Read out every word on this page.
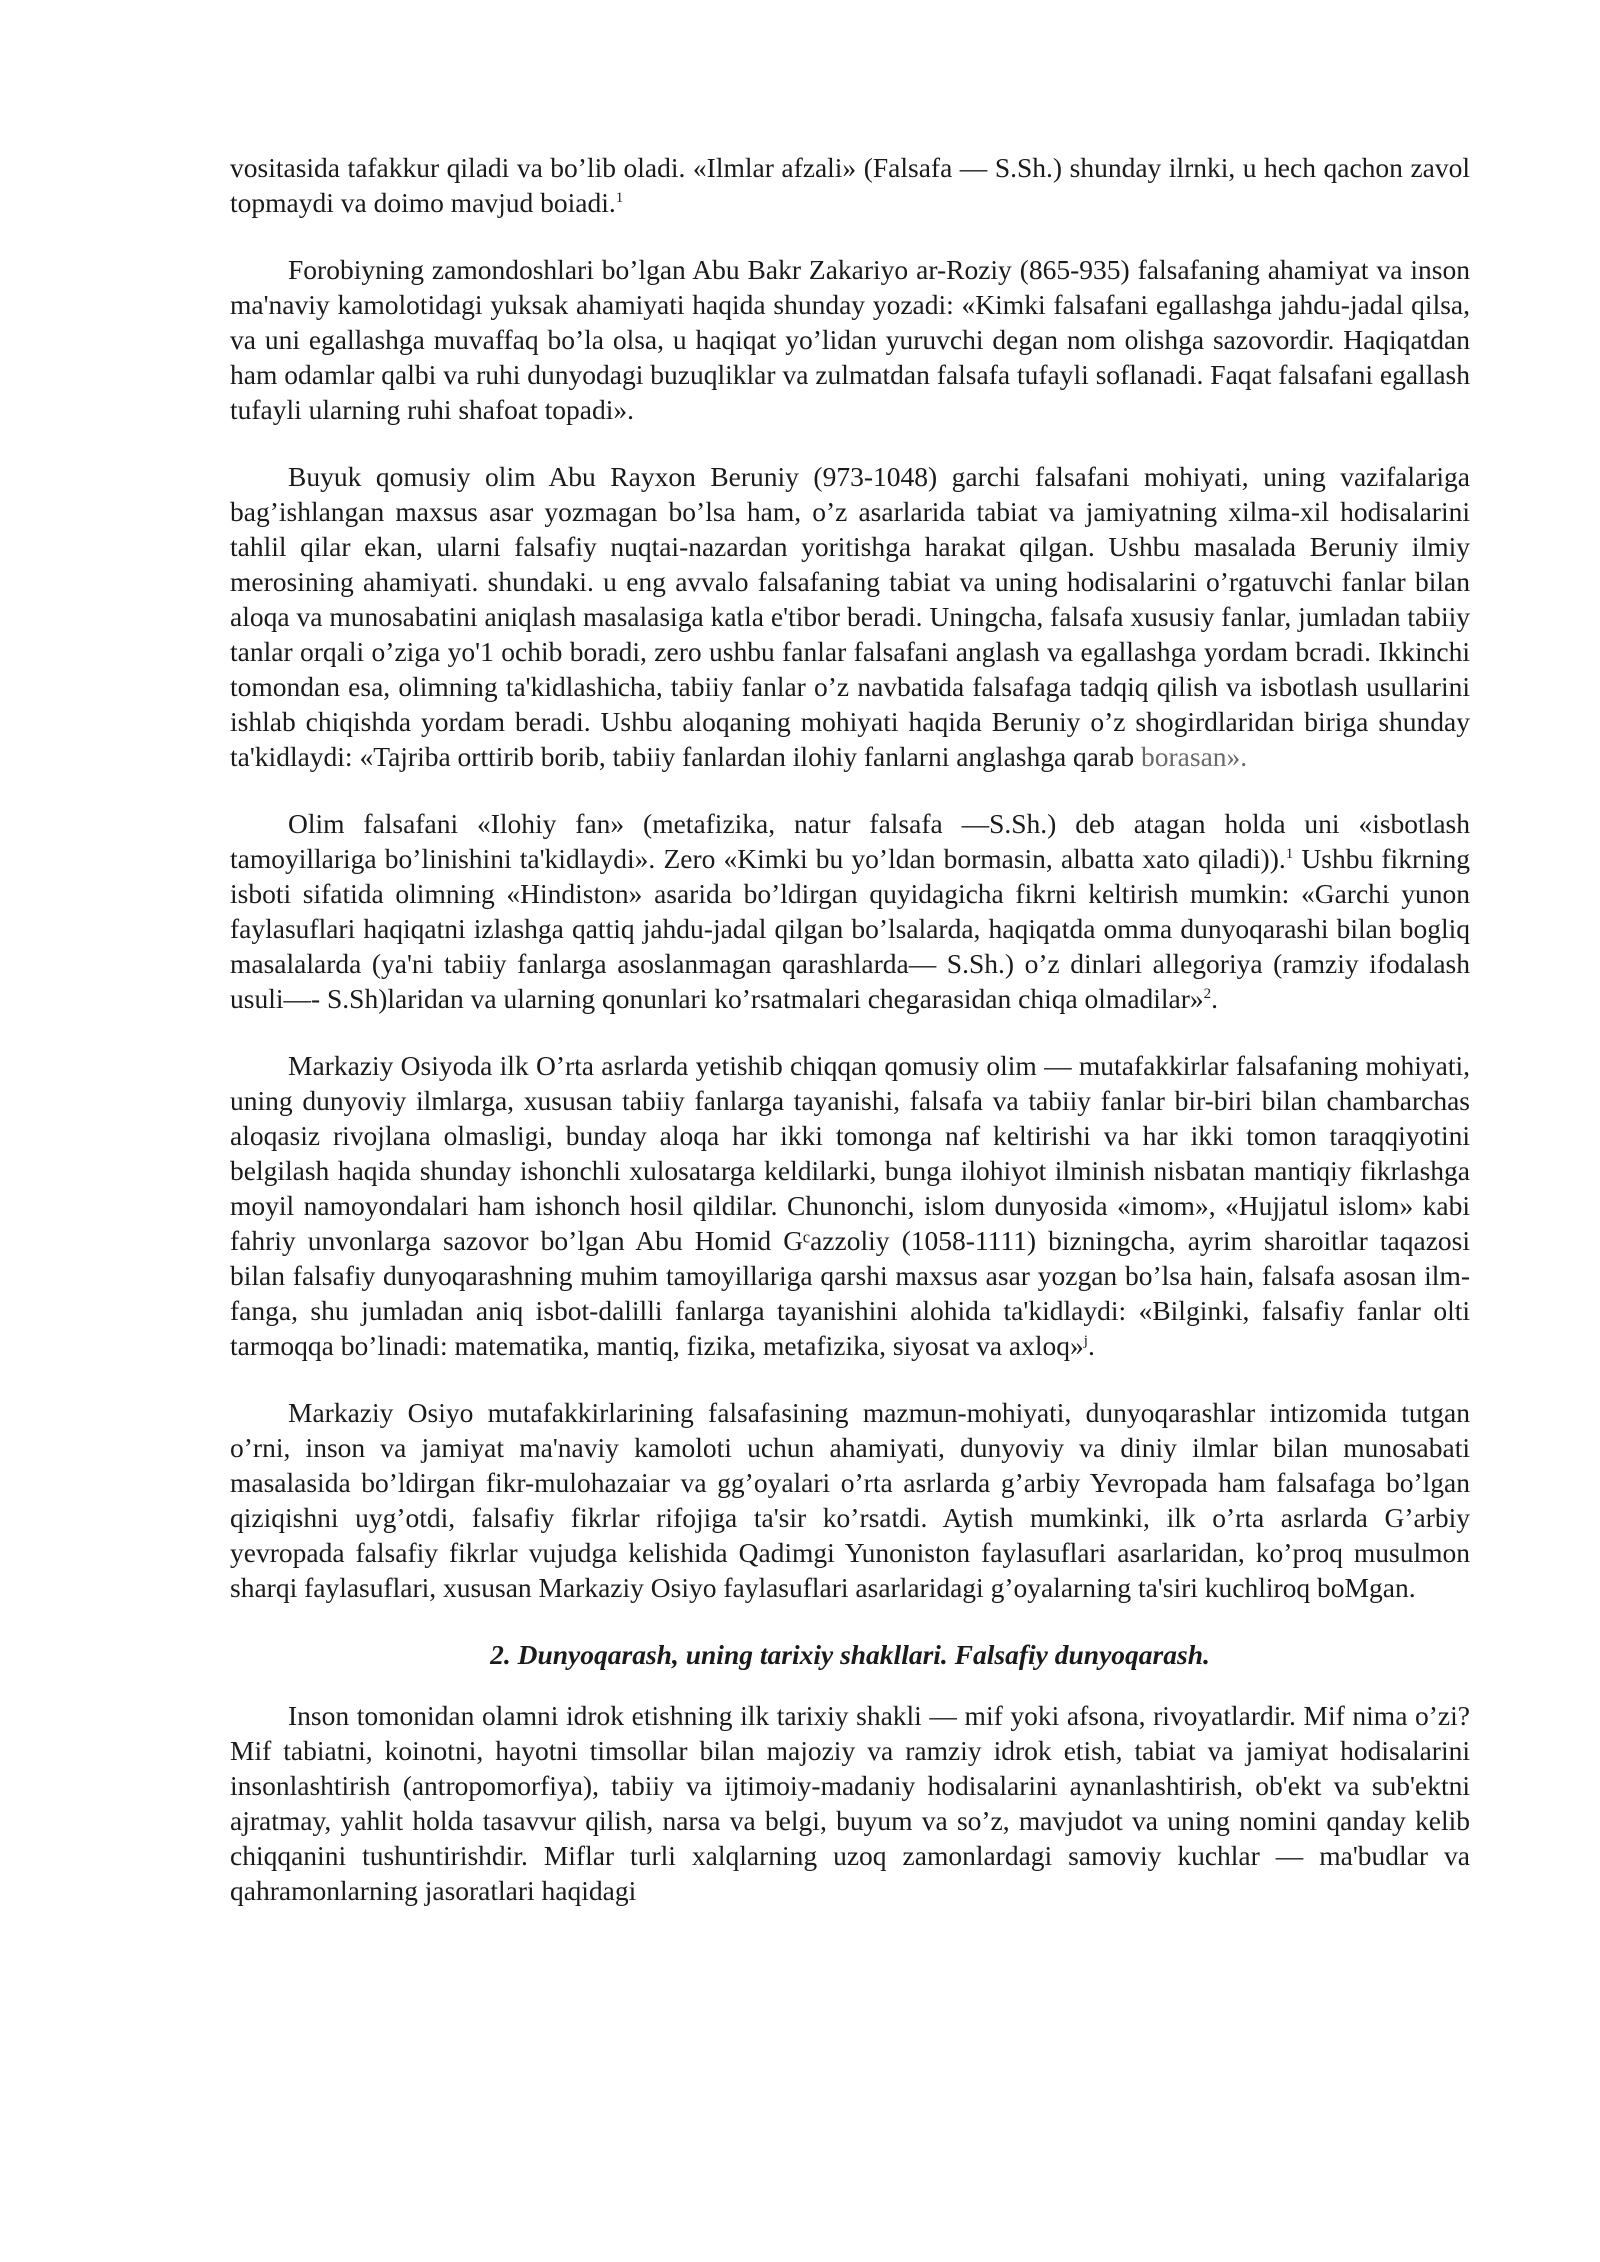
vositasida tafakkur qiladi va bo’lib oladi. «Ilmlar afzali» (Falsafa — S.Sh.) shunday ilrnki, u hech qachon zavol topmaydi va doimo mavjud boiadi.$^1$

Forobiyning zamondoshlari bo’lgan Abu Bakr Zakariyo ar-Roziy (865-935) falsafaning ahamiyat va inson ma'naviy kamolotidagi yuksak ahamiyati haqida shunday yozadi: «Kimki falsafani egallashga jahdu-jadal qilsa, va uni egallashga muvaffaq bo’la olsa, u haqiqat yo’lidan yuruvchi degan nom olishga sazovordir. Haqiqatdan ham odamlar qalbi va ruhi dunyodagi buzuqliklar va zulmatdan falsafa tufayli soflanadi. Faqat falsafani egallash tufayli ularning ruhi shafoat topadi».

Buyuk qomusiy olim Abu Rayxon Beruniy (973-1048) garchi falsafani mohiyati, uning vazifalariga bag’ishlangan maxsus asar yozmagan bo’lsa ham, o’z asarlarida tabiat va jamiyatning xilma-xil hodisalarini tahlil qilar ekan, ularni falsafiy nuqtai-nazardan yoritishga harakat qilgan. Ushbu masalada Beruniy ilmiy merosining ahamiyati. shundaki. u eng avvalo falsafaning tabiat va uning hodisalarini o’rgatuvchi fanlar bilan aloqa va munosabatini aniqlash masalasiga katla e'tibor beradi. Uningcha, falsafa xususiy fanlar, jumladan tabiiy tanlar orqali o’ziga yo'1 ochib boradi, zero ushbu fanlar falsafani anglash va egallashga yordam bcradi. Ikkinchi tomondan esa, olimning ta'kidlashicha, tabiiy fanlar o’z navbatida falsafaga tadqiq qilish va isbotlash usullarini ishlab chiqishda yordam beradi. Ushbu aloqaning mohiyati haqida Beruniy o’z shogirdlaridan biriga shunday ta'kidlaydi: «Tajriba orttirib borib, tabiiy fanlardan ilohiy fanlarni anglashga qarab borasan».

Olim falsafani «Ilohiy fan» (metafizika, natur falsafa —S.Sh.) deb atagan holda uni «isbotlash tamoyillariga bo’linishini ta'kidlaydi». Zero «Kimki bu yo’ldan bormasin, albatta xato qiladi)).$^1$ Ushbu fikrning isboti sifatida olimning «Hindiston» asarida bo’ldirgan quyidagicha fikrni keltirish mumkin: «Garchi yunon faylasuflari haqiqatni izlashga qattiq jahdu-jadal qilgan bo’lsalarda, haqiqatda omma dunyoqarashi bilan bogliq masalalarda (ya'ni tabiiy fanlarga asoslanmagan qarashlarda— S.Sh.) o’z dinlari allegoriya (ramziy ifodalash usuli—- S.Sh)laridan va ularning qonunlari ko’rsatmalari chegarasidan chiqa olmadilar»$^2$.

Markaziy Osiyoda ilk O’rta asrlarda yetishib chiqqan qomusiy olim — mutafakkirlar falsafaning mohiyati, uning dunyoviy ilmlarga, xususan tabiiy fanlarga tayanishi, falsafa va tabiiy fanlar bir-biri bilan chambarchas aloqasiz rivojlana olmasligi, bunday aloqa har ikki tomonga naf keltirishi va har ikki tomon taraqqiyotini belgilash haqida shunday ishonchli xulosatarga keldilarki, bunga ilohiyot ilminish nisbatan mantiqiy fikrlashga moyil namoyondalari ham ishonch hosil qildilar. Chunonchi, islom dunyosida «imom», «Hujjatul islom» kabi fahriy unvonlarga sazovor bo’lgan Abu Homid Gᶜazzoliy (1058-1111) bizningcha, ayrim sharoitlar taqazosi bilan falsafiy dunyoqarashning muhim tamoyillariga qarshi maxsus asar yozgan bo’lsa hain, falsafa asosan ilm-fanga, shu jumladan aniq isbot-dalilli fanlarga tayanishini alohida ta'kidlaydi: «Bilginki, falsafiy fanlar olti tarmoqqa bo’linadi: matematika, mantiq, fizika, metafizika, siyosat va axloq»$^j$.

Markaziy Osiyo mutafakkirlarining falsafasining mazmun-mohiyati, dunyoqarashlar intizomida tutgan o’rni, inson va jamiyat ma'naviy kamoloti uchun ahamiyati, dunyoviy va diniy ilmlar bilan munosabati masalasida bo’ldirgan fikr-mulohazaiar va gg’oyalari o’rta asrlarda g’arbiy Yevropada ham falsafaga bo’lgan qiziqishni uyg’otdi, falsafiy fikrlar rifojiga ta'sir ko’rsatdi. Aytish mumkinki, ilk o’rta asrlarda G’arbiy yevropada falsafiy fikrlar vujudga kelishida Qadimgi Yunoniston faylasuflari asarlaridan, ko’proq musulmon sharqi faylasuflari, xususan Markaziy Osiyo faylasuflari asarlaridagi g’oyalarning ta'siri kuchliroq boMgan.

2. Dunyoqarash, uning tarixiy shakllari. Falsafiy dunyoqarash.

Inson tomonidan olamni idrok etishning ilk tarixiy shakli — mif yoki afsona, rivoyatlardir. Mif nima o’zi? Mif tabiatni, koinotni, hayotni timsollar bilan majoziy va ramziy idrok etish, tabiat va jamiyat hodisalarini insonlashtirish (antropomorfiya), tabiiy va ijtimoiy-madaniy hodisalarini aynanlashtirish, ob'ekt va sub'ektni ajratmay, yahlit holda tasavvur qilish, narsa va belgi, buyum va so’z, mavjudot va uning nomini qanday kelib chiqqanini tushuntirishdir. Miflar turli xalqlarning uzoq zamonlardagi samoviy kuchlar — ma'budlar va qahramonlarning jasoratlari haqidagi
